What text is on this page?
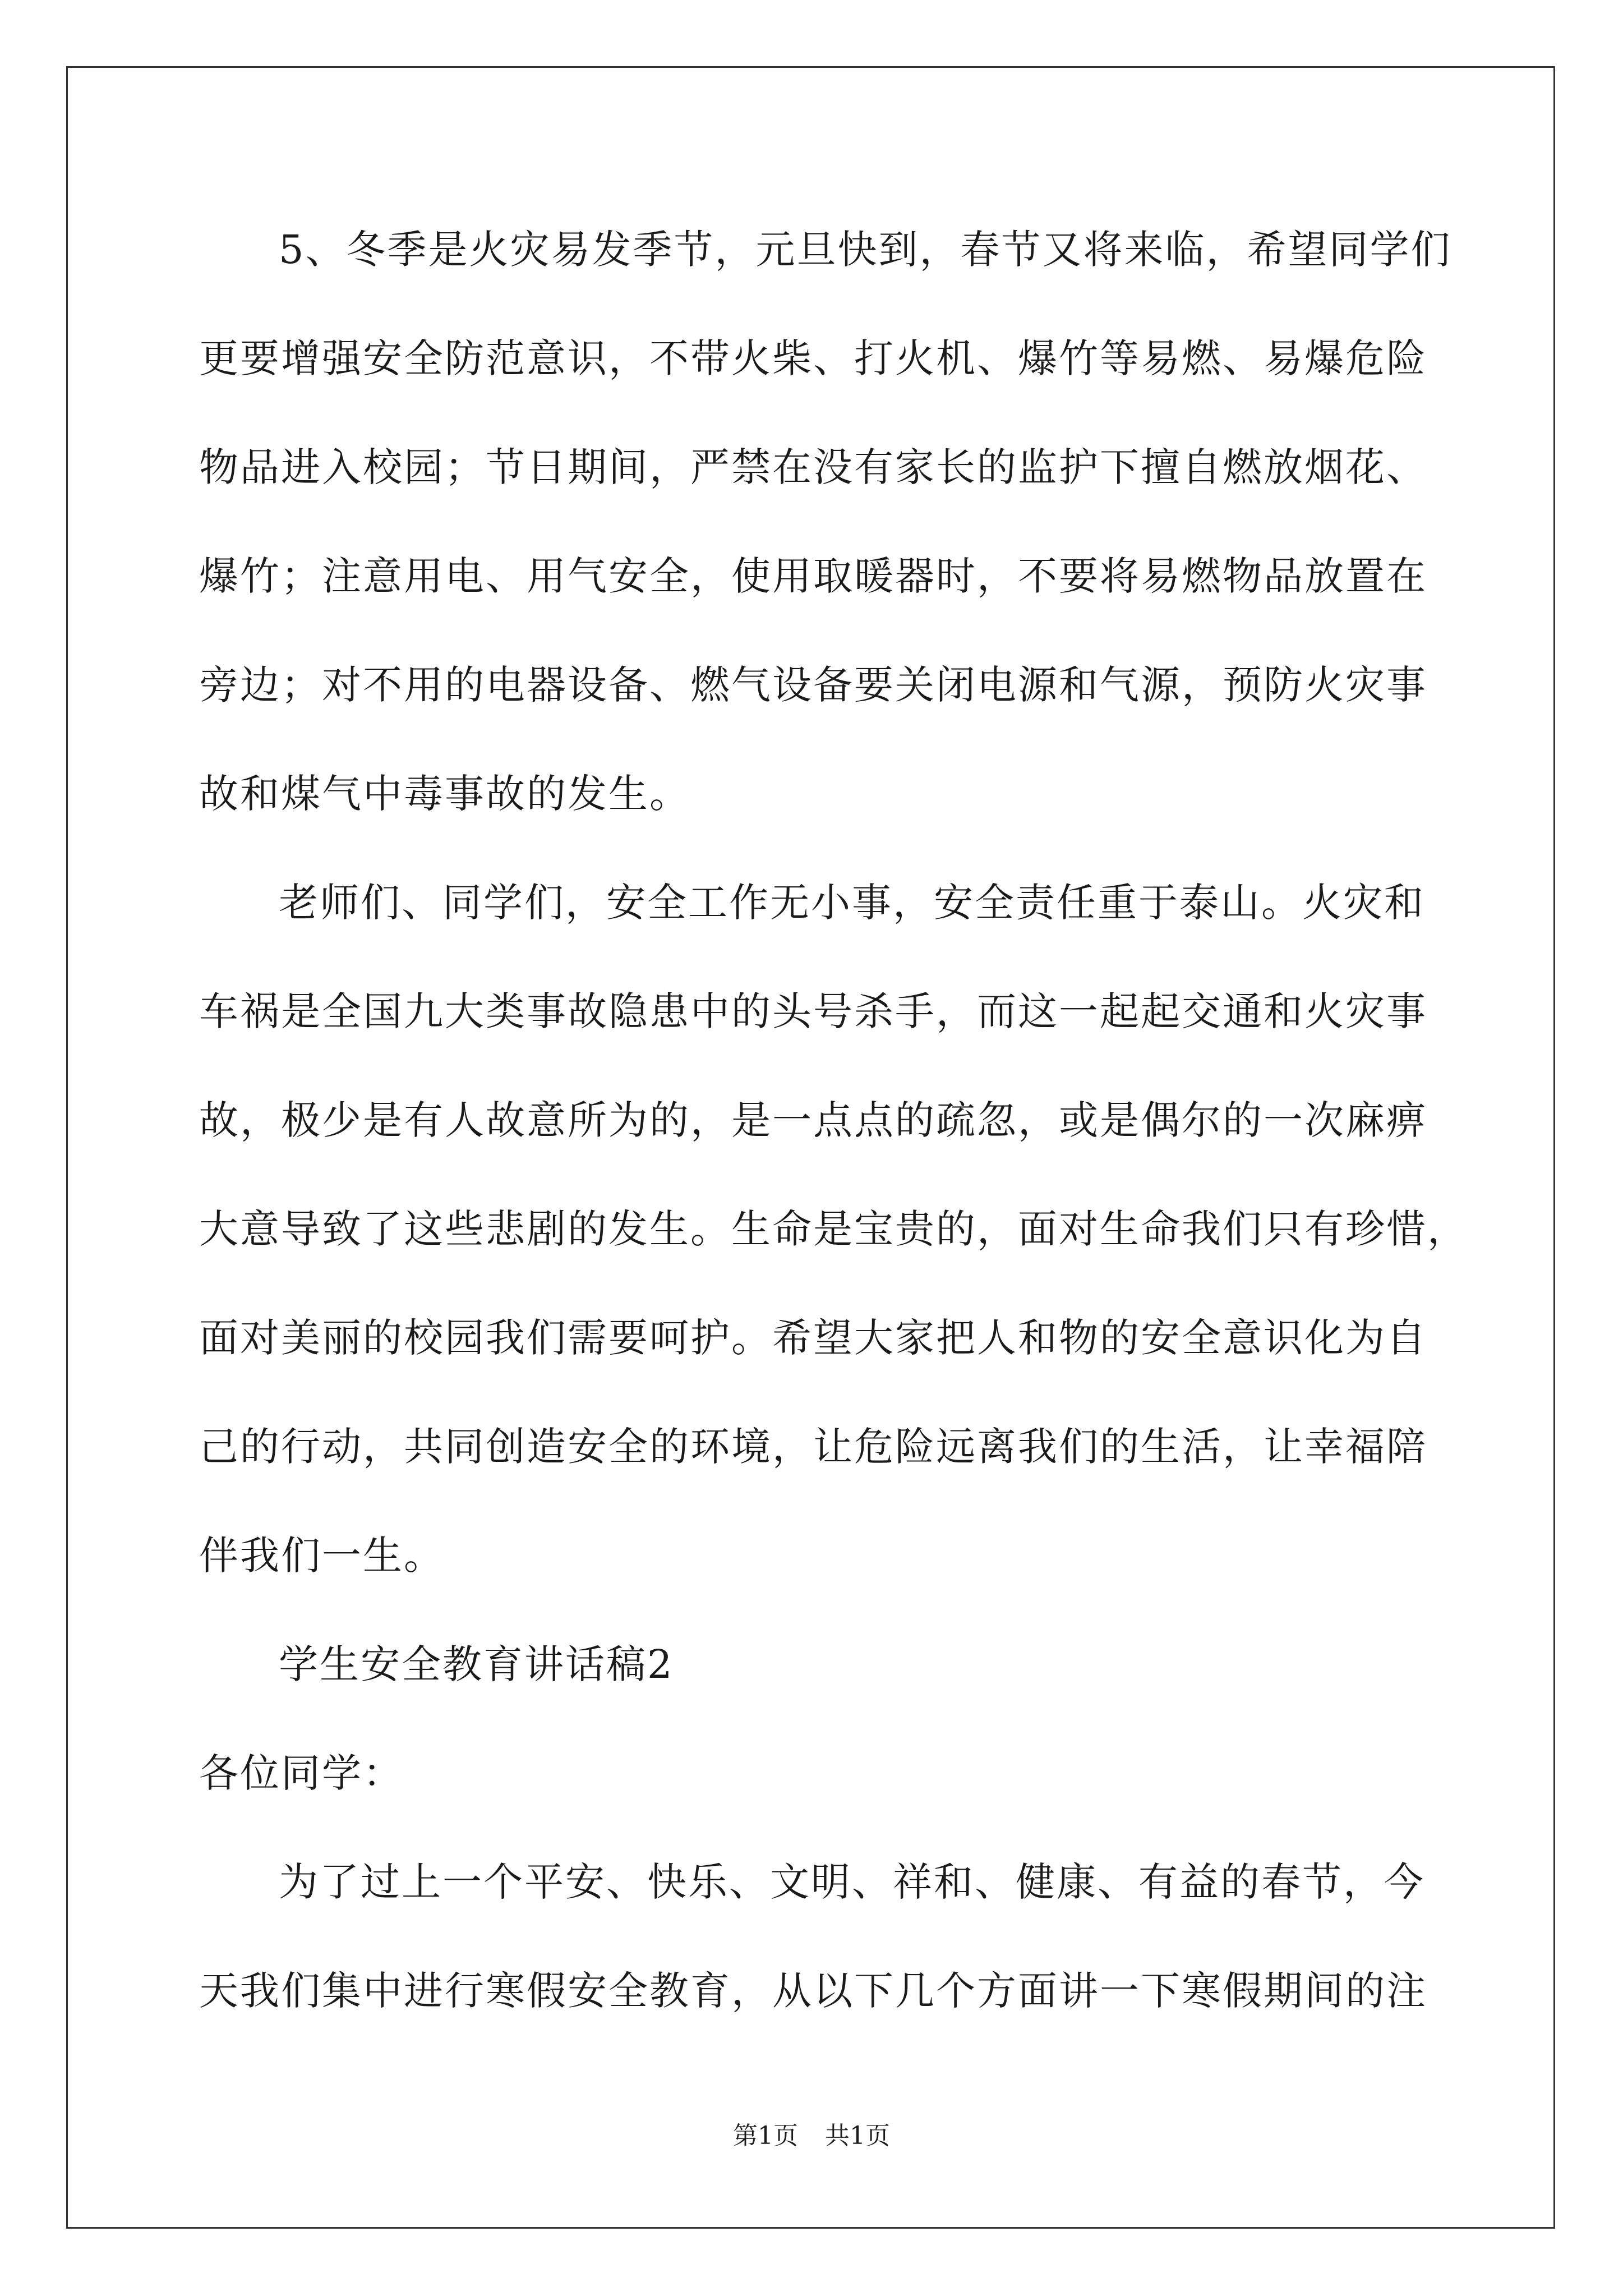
5、冬季是火灾易发季节，元旦快到，春节又将来临，希望同学们
更要增强安全防范意识，不带火柴、打火机、爆竹等易燃、易爆危险
物品进入校园；节日期间，严禁在没有家长的监护下擅自燃放烟花、
爆竹；注意用电、用气安全，使用取暖器时，不要将易燃物品放置在
旁边；对不用的电器设备、燃气设备要关闭电源和气源，预防火灾事
故和煤气中毒事故的发生。
老师们、同学们，安全工作无小事，安全责任重于泰山。火灾和
车祸是全国九大类事故隐患中的头号杀手，而这一起起交通和火灾事
故，极少是有人故意所为的，是一点点的疏忽，或是偶尔的一次麻痹
大意导致了这些悲剧的发生。生命是宝贵的，面对生命我们只有珍惜，
面对美丽的校园我们需要呵护。希望大家把人和物的安全意识化为自
己的行动，共同创造安全的环境，让危险远离我们的生活，让幸福陪
伴我们一生。
学生安全教育讲话稿2
各位同学：
为了过上一个平安、快乐、文明、祥和、健康、有益的春节，今
天我们集中进行寒假安全教育，从以下几个方面讲一下寒假期间的注
第1页 共1页
